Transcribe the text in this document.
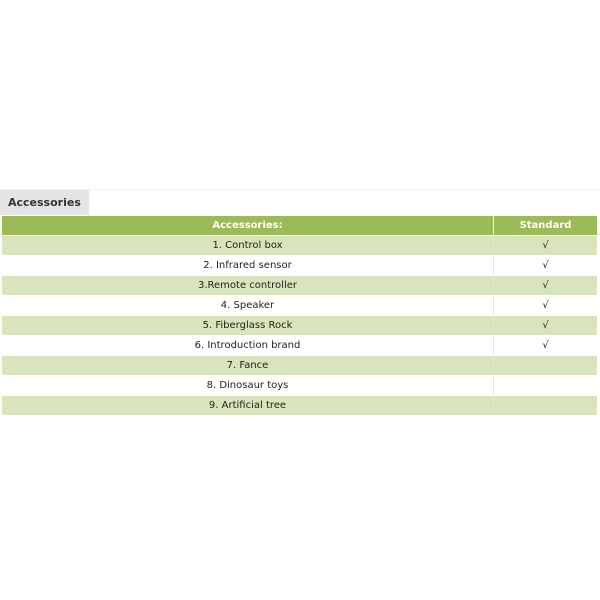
Accessories
Accessories:	Standard
1. Control box	√
2. Infrared sensor	√
3.Remote controller	√
4. Speaker	√
5. Fiberglass Rock	√
6. Introduction brand	√
7. Fance	
8. Dinosaur toys	
9. Artificial tree	
